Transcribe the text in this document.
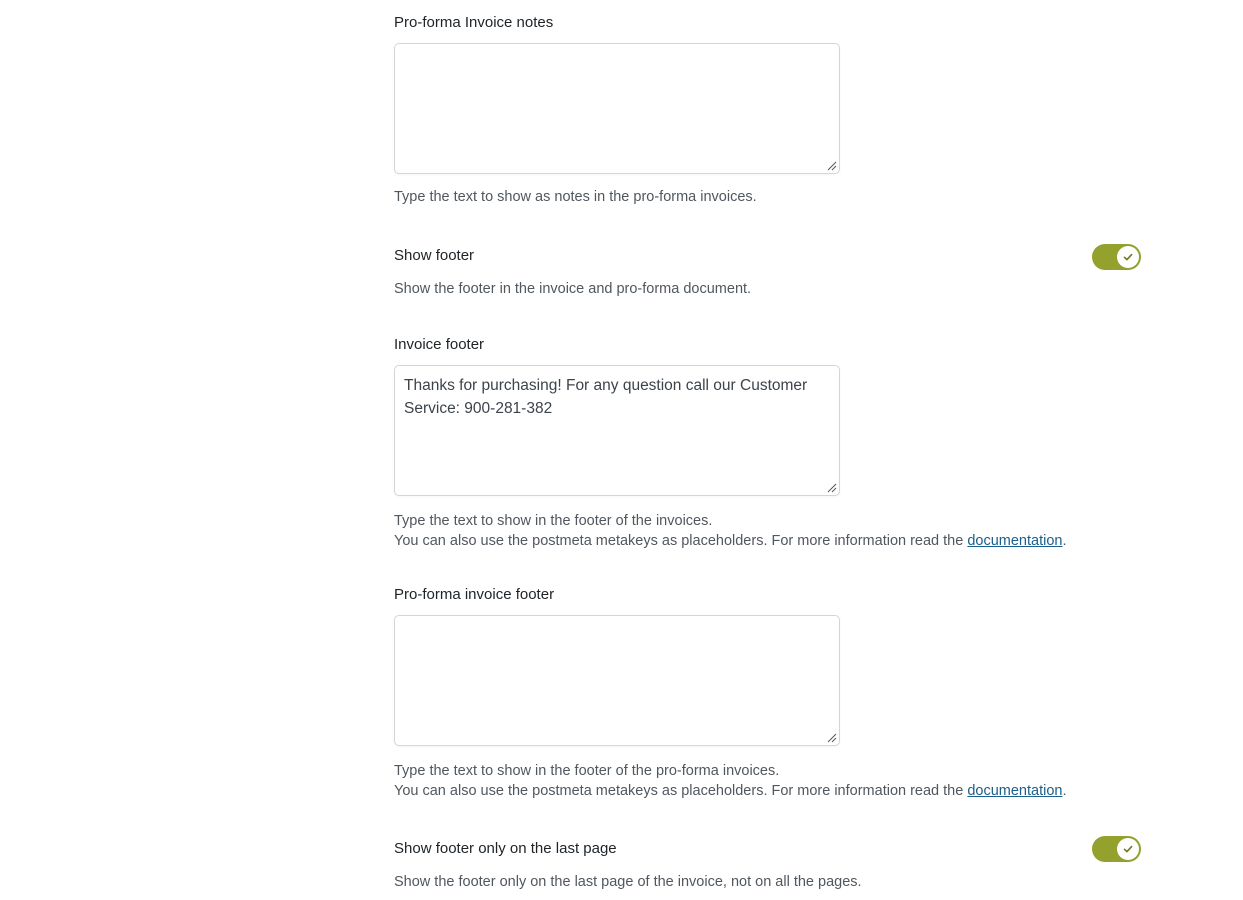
Pro-forma Invoice notes
Type the text to show as notes in the pro-forma invoices.
Show footer
Show the footer in the invoice and pro-forma document.
Invoice footer
Thanks for purchasing! For any question call our Customer Service: 900-281-382
Type the text to show in the footer of the invoices.
You can also use the postmeta metakeys as placeholders. For more information read the documentation.
Pro-forma invoice footer
Type the text to show in the footer of the pro-forma invoices.
You can also use the postmeta metakeys as placeholders. For more information read the documentation.
Show footer only on the last page
Show the footer only on the last page of the invoice, not on all the pages.
